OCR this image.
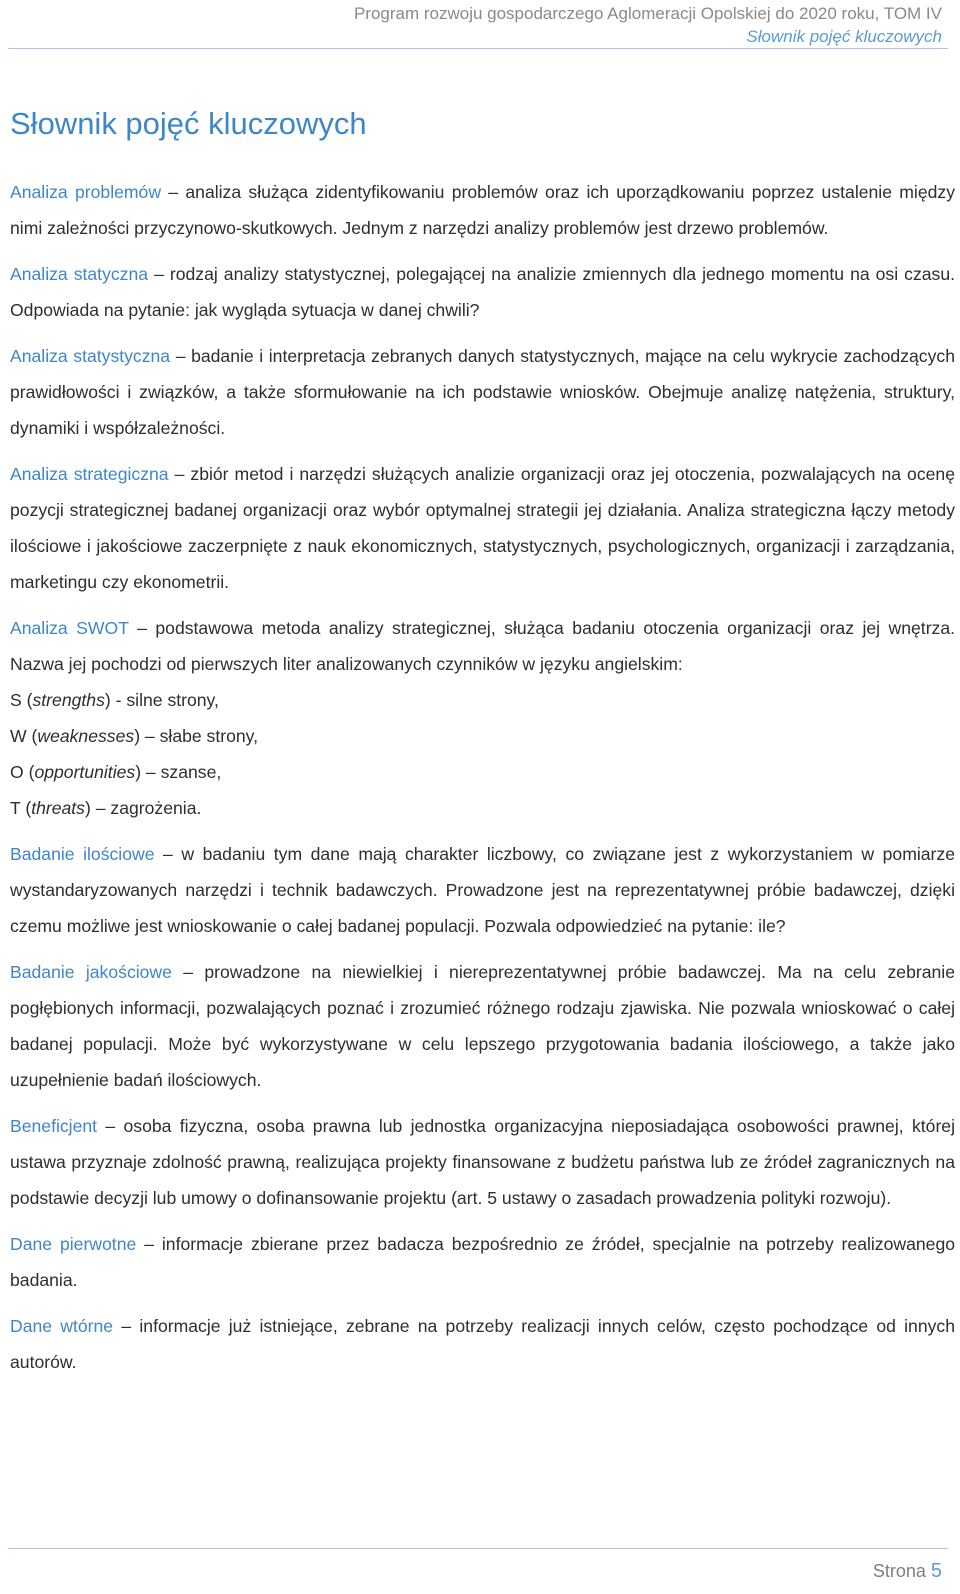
Program rozwoju gospodarczego Aglomeracji Opolskiej do 2020 roku, TOM IV
Słownik pojęć kluczowych
Słownik pojęć kluczowych

Analiza problemów – analiza służąca zidentyfikowaniu problemów oraz ich uporządkowaniu poprzez ustalenie między nimi zależności przyczynowo-skutkowych. Jednym z narzędzi analizy problemów jest drzewo problemów.

Analiza statyczna – rodzaj analizy statystycznej, polegającej na analizie zmiennych dla jednego momentu na osi czasu. Odpowiada na pytanie: jak wygląda sytuacja w danej chwili?

Analiza statystyczna – badanie i interpretacja zebranych danych statystycznych, mające na celu wykrycie zachodzących prawidłowości i związków, a także sformułowanie na ich podstawie wniosków. Obejmuje analizę natężenia, struktury, dynamiki i współzależności.

Analiza strategiczna – zbiór metod i narzędzi służących analizie organizacji oraz jej otoczenia, pozwalających na ocenę pozycji strategicznej badanej organizacji oraz wybór optymalnej strategii jej działania. Analiza strategiczna łączy metody ilościowe i jakościowe zaczerpnięte z nauk ekonomicznych, statystycznych, psychologicznych, organizacji i zarządzania, marketingu czy ekonometrii.

Analiza SWOT – podstawowa metoda analizy strategicznej, służąca badaniu otoczenia organizacji oraz jej wnętrza. Nazwa jej pochodzi od pierwszych liter analizowanych czynników w języku angielskim:
S (strengths) - silne strony,
W (weaknesses) – słabe strony,
O (opportunities) – szanse,
T (threats) – zagrożenia.

Badanie ilościowe – w badaniu tym dane mają charakter liczbowy, co związane jest z wykorzystaniem w pomiarze wystandaryzowanych narzędzi i technik badawczych. Prowadzone jest na reprezentatywnej próbie badawczej, dzięki czemu możliwe jest wnioskowanie o całej badanej populacji. Pozwala odpowiedzieć na pytanie: ile?

Badanie jakościowe – prowadzone na niewielkiej i niereprezentatywnej próbie badawczej. Ma na celu zebranie pogłębionych informacji, pozwalających poznać i zrozumieć różnego rodzaju zjawiska. Nie pozwala wnioskować o całej badanej populacji. Może być wykorzystywane w celu lepszego przygotowania badania ilościowego, a także jako uzupełnienie badań ilościowych.

Beneficjent – osoba fizyczna, osoba prawna lub jednostka organizacyjna nieposiadająca osobowości prawnej, której ustawa przyznaje zdolność prawną, realizująca projekty finansowane z budżetu państwa lub ze źródeł zagranicznych na podstawie decyzji lub umowy o dofinansowanie projektu (art. 5 ustawy o zasadach prowadzenia polityki rozwoju).

Dane pierwotne – informacje zbierane przez badacza bezpośrednio ze źródeł, specjalnie na potrzeby realizowanego badania.

Dane wtórne – informacje już istniejące, zebrane na potrzeby realizacji innych celów, często pochodzące od innych autorów.

Strona 5
